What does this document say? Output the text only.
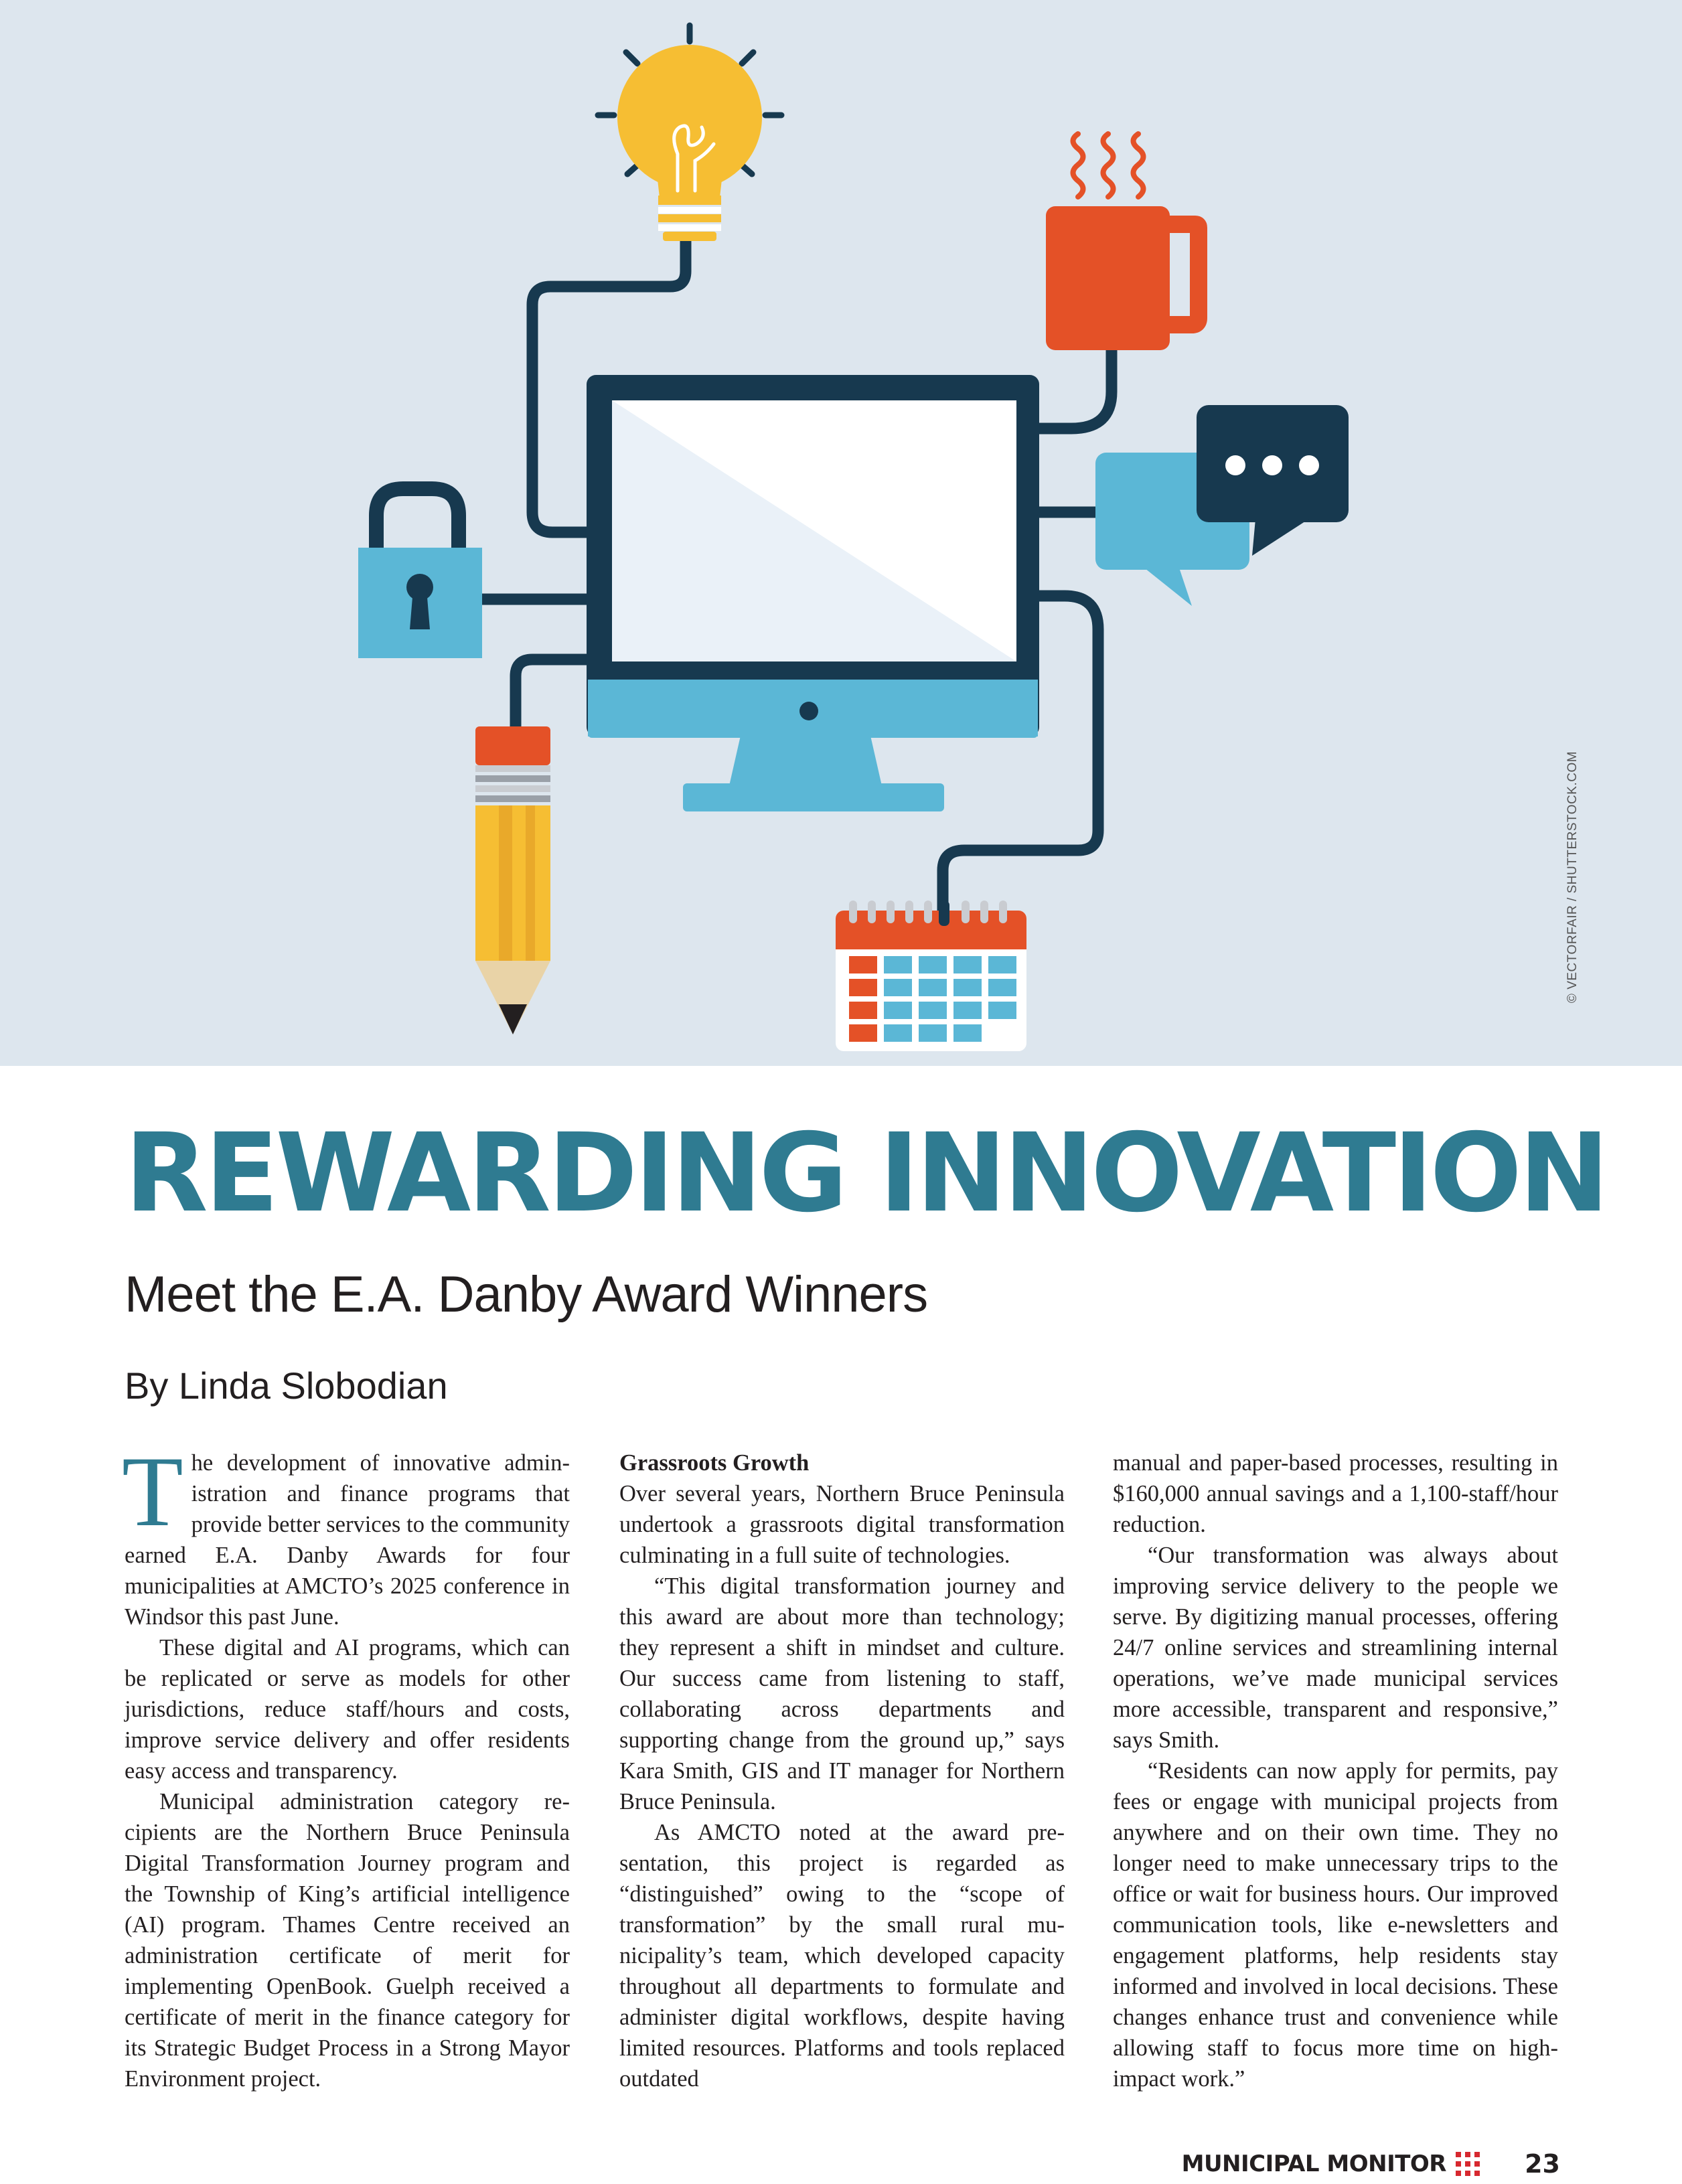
© VECTORFAIR / SHUTTERSTOCK.COM
REWARDING INNOVATION
Meet the E.A. Danby Award Winners
By Linda Slobodian

The development of innovative administration and finance programs that provide better services to the community earned E.A. Danby Awards for four municipalities at AMCTO’s 2025 conference in Windsor this past June.

These digital and AI programs, which can be replicated or serve as models for other jurisdictions, reduce staff/hours and costs, improve service delivery and offer residents easy access and transparency.

Municipal administration category recipients are the Northern Bruce Peninsula Digital Transformation Journey program and the Township of King’s artificial intelligence (AI) program. Thames Centre received an administration certificate of merit for implementing OpenBook. Guelph received a certificate of merit in the finance category for its Strategic Budget Process in a Strong Mayor Environment project.

Grassroots Growth
Over several years, Northern Bruce Peninsula undertook a grassroots digital transformation culminating in a full suite of technologies.

“This digital transformation journey and this award are about more than technology; they represent a shift in mindset and culture. Our success came from listening to staff, collaborating across departments and supporting change from the ground up,” says Kara Smith, GIS and IT manager for Northern Bruce Peninsula.

As AMCTO noted at the award presentation, this project is regarded as “distinguished” owing to the “scope of transformation” by the small rural municipality’s team, which developed capacity throughout all departments to formulate and administer digital workflows, despite having limited resources. Platforms and tools replaced outdated

manual and paper-based processes, resulting in $160,000 annual savings and a 1,100-staff/hour reduction.

“Our transformation was always about improving service delivery to the people we serve. By digitizing manual processes, offering 24/7 online services and streamlining internal operations, we’ve made municipal services more accessible, transparent and responsive,” says Smith.

“Residents can now apply for permits, pay fees or engage with municipal projects from anywhere and on their own time. They no longer need to make unnecessary trips to the office or wait for business hours. Our improved communication tools, like e-newsletters and engagement platforms, help residents stay informed and involved in local decisions. These changes enhance trust and convenience while allowing staff to focus more time on high-impact work.”

MUNICIPAL MONITOR	23
